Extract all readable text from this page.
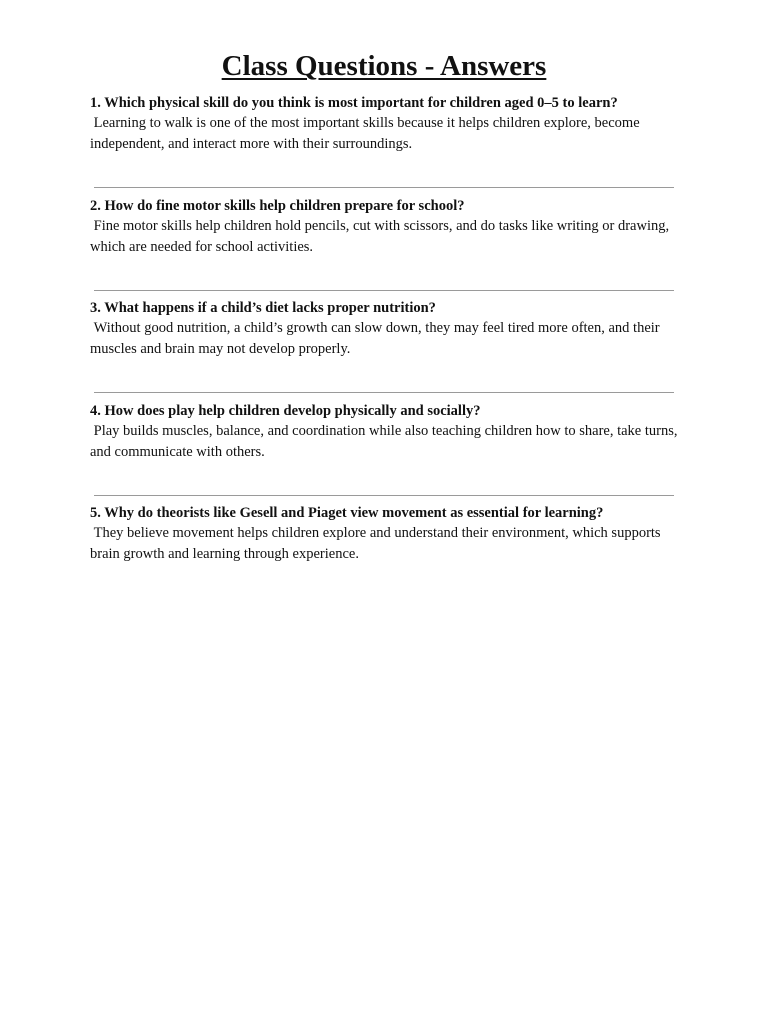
Class Questions - Answers

1. Which physical skill do you think is most important for children aged 0–5 to learn?

Learning to walk is one of the most important skills because it helps children explore, become independent, and interact more with their surroundings.

2. How do fine motor skills help children prepare for school?

Fine motor skills help children hold pencils, cut with scissors, and do tasks like writing or drawing, which are needed for school activities.

3. What happens if a child’s diet lacks proper nutrition?

Without good nutrition, a child’s growth can slow down, they may feel tired more often, and their muscles and brain may not develop properly.

4. How does play help children develop physically and socially?

Play builds muscles, balance, and coordination while also teaching children how to share, take turns, and communicate with others.

5. Why do theorists like Gesell and Piaget view movement as essential for learning?

They believe movement helps children explore and understand their environment, which supports brain growth and learning through experience.
